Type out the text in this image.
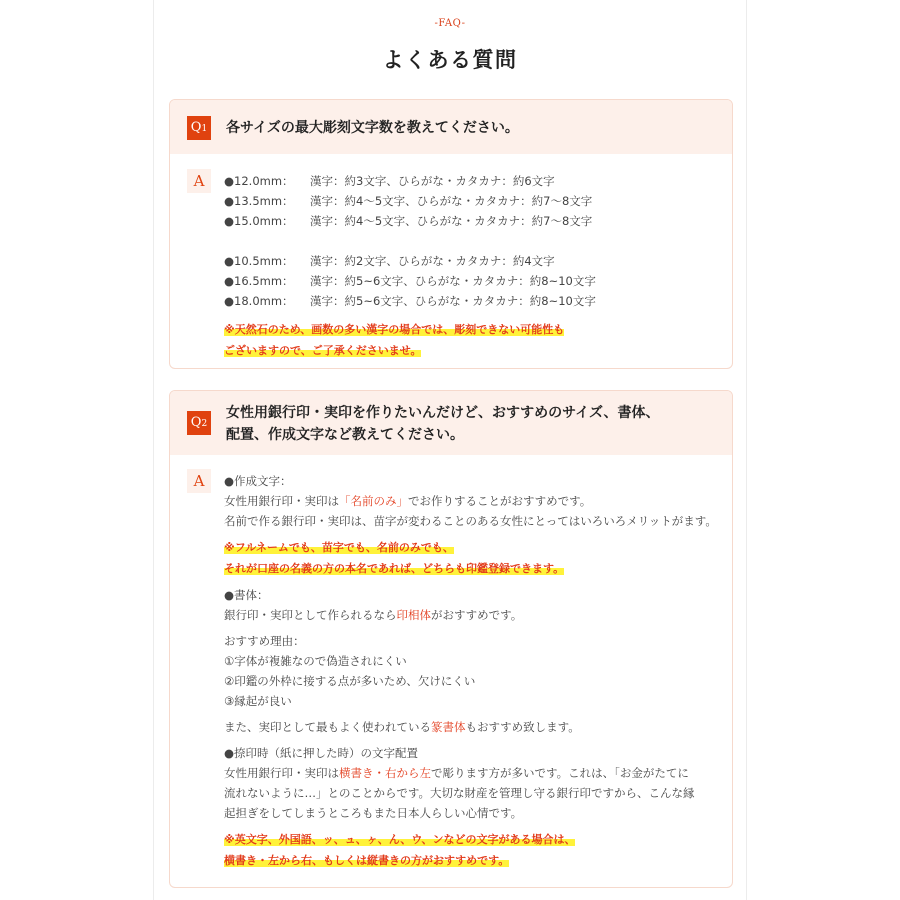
-FAQ-
よくある質問
Q1 各サイズの最大彫刻文字数を教えてください。
A	●12.0mm：	漢字：約3文字、ひらがな・カタカナ：約6文字
●13.5mm：	漢字：約4～5文字、ひらがな・カタカナ：約7～8文字
●15.0mm：	漢字：約4～5文字、ひらがな・カタカナ：約7～8文字
●10.5mm：	漢字：約2文字、ひらがな・カタカナ：約4文字
●16.5mm：	漢字：約5~6文字、ひらがな・カタカナ：約8~10文字
●18.0mm：	漢字：約5~6文字、ひらがな・カタカナ：約8~10文字

※天然石のため、画数の多い漢字の場合では、彫刻できない可能性も

ございますので、ご了承くださいませ。

Q2
女性用銀行印・実印を作りたいんだけど、おすすめのサイズ、書体、
配置、作成文字など教えてください。
A	●作成文字：

女性用銀行印・実印は「名前のみ」でお作りすることがおすすめです。

名前で作る銀行印・実印は、苗字が変わることのある女性にとってはいろいろメリットがます。

※フルネームでも、苗字でも、名前のみでも、

それが口座の名義の方の本名であれば、どちらも印鑑登録できます。

●書体：

銀行印・実印として作られるなら印相体がおすすめです。

おすすめ理由：

①字体が複雑なので偽造されにくい

②印鑑の外枠に接する点が多いため、欠けにくい

③縁起が良い

また、実印として最もよく使われている篆書体もおすすめ致します。

●捺印時（紙に押した時）の文字配置

女性用銀行印・実印は横書き・右から左で彫ります方が多いです。これは、「お金がたてに

流れないように…」とのことからです。大切な財産を管理し守る銀行印ですから、こんな縁

起担ぎをしてしまうところもまた日本人らしい心情です。

※英文字、外国語、ッ、ュ、ヶ、ん、ウ、ンなどの文字がある場合は、

横書き・左から右、もしくは縦書きの方がおすすめです。
